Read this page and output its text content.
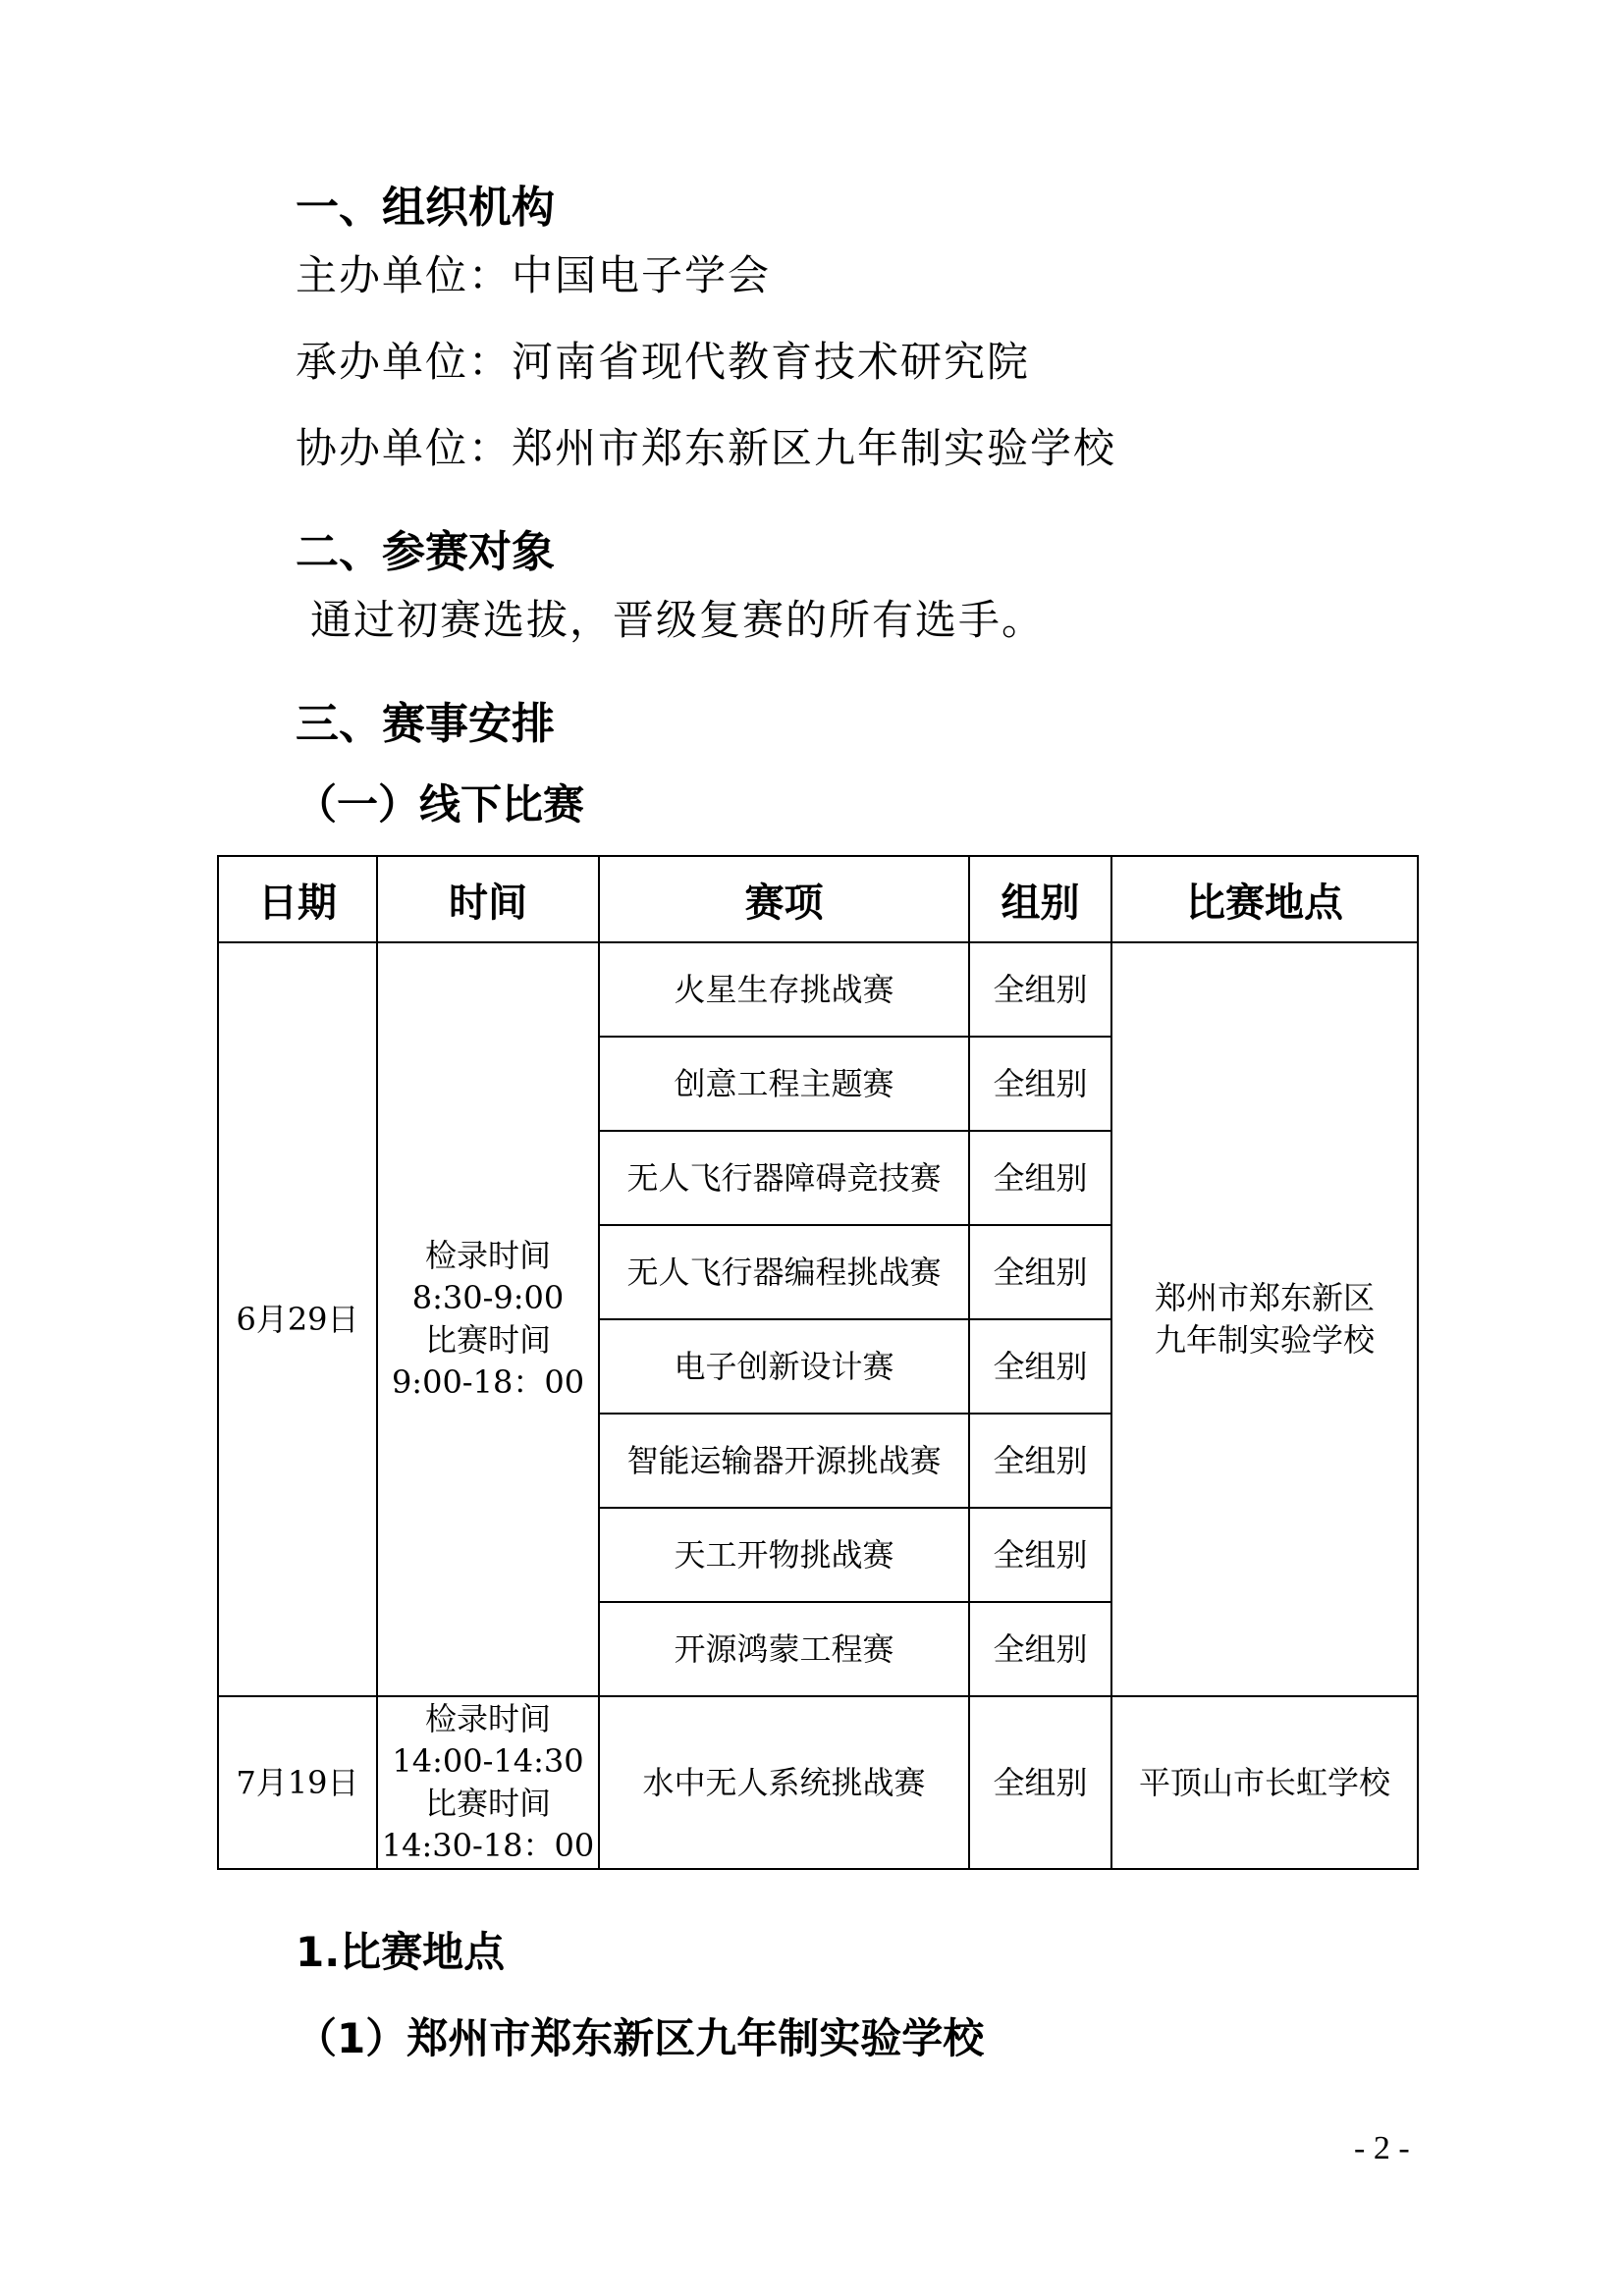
一、组织机构
主办单位：中国电子学会
承办单位：河南省现代教育技术研究院
协办单位：郑州市郑东新区九年制实验学校
二、参赛对象
通过初赛选拔，晋级复赛的所有选手。
三、赛事安排
（一）线下比赛
日期	时间	赛项	组别	比赛地点
6月29日	检录时间
8:30-9:00
比赛时间
9:00-18：00	火星生存挑战赛	全组别	郑州市郑东新区
九年制实验学校

		创意工程主题赛	全组别	
		无人飞行器障碍竞技赛	全组别	
		无人飞行器编程挑战赛	全组别	
		电子创新设计赛	全组别	
		智能运输器开源挑战赛	全组别	
		天工开物挑战赛	全组别	
		开源鸿蒙工程赛	全组别	
7月19日	检录时间
14:00-14:30
比赛时间
14:30-18：00	水中无人系统挑战赛	全组别	平顶山市长虹学校
1.比赛地点
（1）郑州市郑东新区九年制实验学校
- 2 -
